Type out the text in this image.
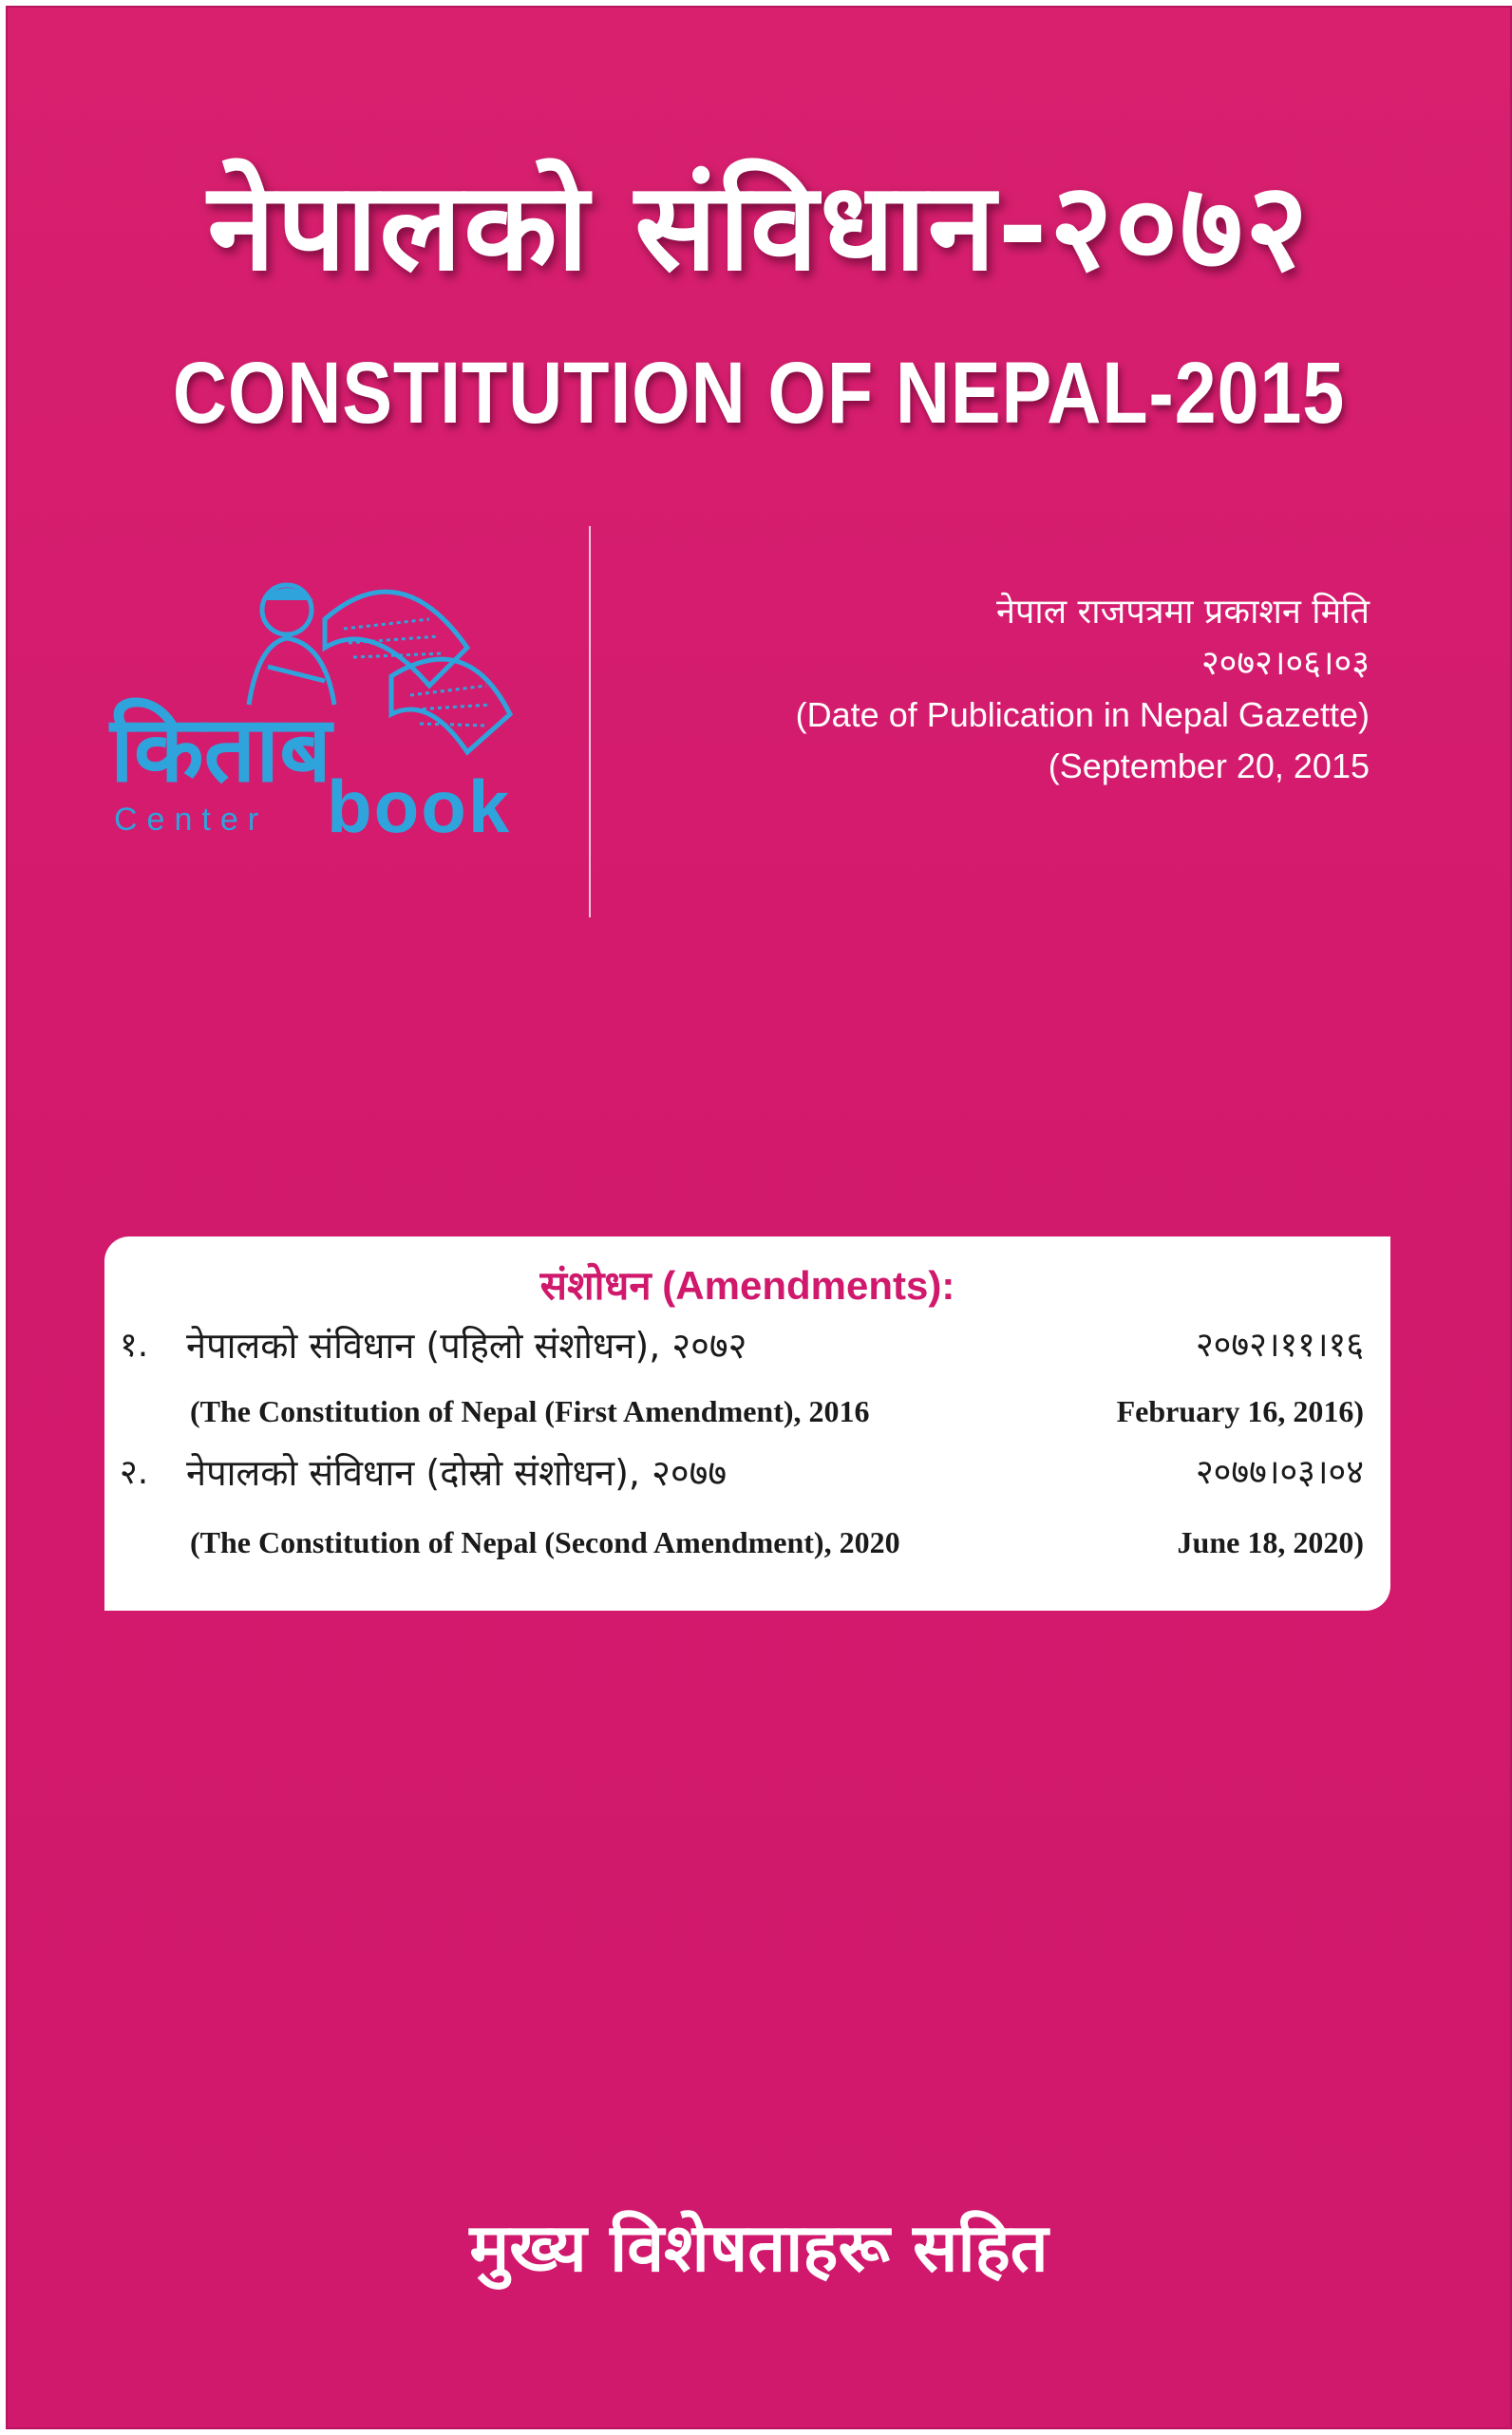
नेपालको संविधान-२०७२
CONSTITUTION OF NEPAL-2015
किताब
Center book
नेपाल राजपत्रमा प्रकाशन मिति
२०७२।०६।०३
(Date of Publication in Nepal Gazette)
(September 20, 2015
संशोधन (Amendments):
१. नेपालको संविधान (पहिलो संशोधन), २०७२	२०७२।११।१६
(The Constitution of Nepal (First Amendment), 2016	February 16, 2016)
२. नेपालको संविधान (दोस्रो संशोधन), २०७७	२०७७।०३।०४
(The Constitution of Nepal (Second Amendment), 2020	June 18, 2020)
मुख्य विशेषताहरू सहित
